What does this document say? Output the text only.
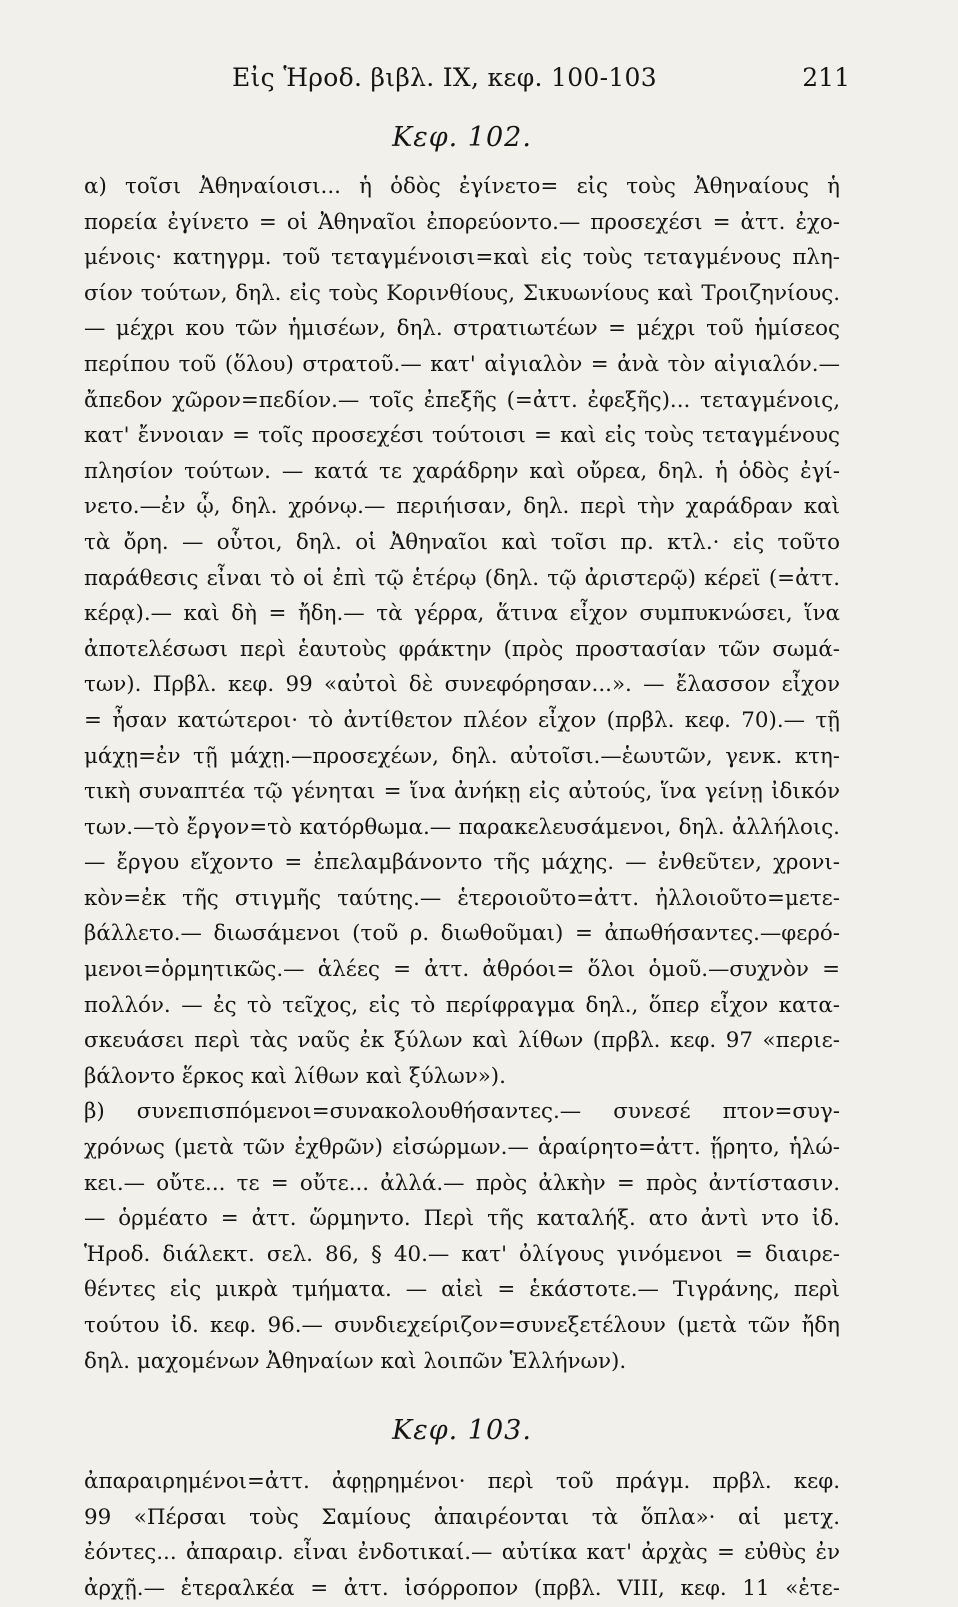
Εἰς Ἡροδ. βιβλ. IX, κεφ. 100-103	211
Κεφ. 102.
α) τοῖσι Ἀθηναίοισι... ἡ ὁδὸς ἐγίνετο= εἰς τοὺς Ἀθηναίους ἡ
πορεία ἐγίνετο = οἱ Ἀθηναῖοι ἐπορεύοντο.— προσεχέσι = ἀττ. ἐχο-
μένοις· κατηγρμ. τοῦ τεταγμένοισι=καὶ εἰς τοὺς τεταγμένους πλη-
σίον τούτων, δηλ. εἰς τοὺς Κορινθίους, Σικυωνίους καὶ Τροιζηνίους.
— μέχρι κου τῶν ἡμισέων, δηλ. στρατιωτέων = μέχρι τοῦ ἡμίσεος
περίπου τοῦ (ὅλου) στρατοῦ.— κατ' αἰγιαλὸν = ἀνὰ τὸν αἰγιαλόν.—
ἄπεδον χῶρον=πεδίον.— τοῖς ἐπεξῆς (=ἀττ. ἐφεξῆς)... τεταγμένοις,
κατ' ἔννοιαν = τοῖς προσεχέσι τούτοισι = καὶ εἰς τοὺς τεταγμένους
πλησίον τούτων. — κατά τε χαράδρην καὶ οὔρεα, δηλ. ἡ ὁδὸς ἐγί-
νετο.—ἐν ᾧ, δηλ. χρόνῳ.— περιήισαν, δηλ. περὶ τὴν χαράδραν καὶ
τὰ ὄρη. — οὗτοι, δηλ. οἱ Ἀθηναῖοι καὶ τοῖσι πρ. κτλ.· εἰς τοῦτο
παράθεσις εἶναι τὸ οἱ ἐπὶ τῷ ἑτέρῳ (δηλ. τῷ ἀριστερῷ) κέρεϊ (=ἀττ.
κέρᾳ).— καὶ δὴ = ἤδη.— τὰ γέρρα, ἅτινα εἶχον συμπυκνώσει, ἵνα
ἀποτελέσωσι περὶ ἑαυτοὺς φράκτην (πρὸς προστασίαν τῶν σωμά-
των). Πρβλ. κεφ. 99 «αὐτοὶ δὲ συνεφόρησαν...». — ἔλασσον εἶχον
= ἦσαν κατώτεροι· τὸ ἀντίθετον πλέον εἶχον (πρβλ. κεφ. 70).— τῇ
μάχῃ=ἐν τῇ μάχῃ.—προσεχέων, δηλ. αὐτοῖσι.—ἑωυτῶν, γενκ. κτη-
τικὴ συναπτέα τῷ γένηται = ἵνα ἀνήκῃ εἰς αὐτούς, ἵνα γείνῃ ἰδικόν
των.—τὸ ἔργον=τὸ κατόρθωμα.— παρακελευσάμενοι, δηλ. ἀλλήλοις.
— ἔργου εἴχοντο = ἐπελαμβάνοντο τῆς μάχης. — ἐνθεῦτεν, χρονι-
κὸν=ἐκ τῆς στιγμῆς ταύτης.— ἑτεροιοῦτο=ἀττ. ἠλλοιοῦτο=μετε-
βάλλετο.— διωσάμενοι (τοῦ ρ. διωθοῦμαι) = ἀπωθήσαντες.—φερό-
μενοι=ὁρμητικῶς.— ἁλέες = ἀττ. ἀθρόοι= ὅλοι ὁμοῦ.—συχνὸν =
πολλόν. — ἐς τὸ τεῖχος, εἰς τὸ περίφραγμα δηλ., ὅπερ εἶχον κατα-
σκευάσει περὶ τὰς ναῦς ἐκ ξύλων καὶ λίθων (πρβλ. κεφ. 97 «περιε-
βάλοντο ἕρκος καὶ λίθων καὶ ξύλων»).
β) συνεπισπόμενοι=συνακολουθήσαντες.— συνεσέ πτον=συγ-
χρόνως (μετὰ τῶν ἐχθρῶν) εἰσώρμων.— ἁραίρητο=ἀττ. ᾕρητο, ἡλώ-
κει.— οὔτε... τε = οὔτε... ἀλλά.— πρὸς ἀλκὴν = πρὸς ἀντίστασιν.
— ὁρμέατο = ἀττ. ὥρμηντο. Περὶ τῆς καταλήξ. ατο ἀντὶ ντο ἰδ.
Ἡροδ. διάλεκτ. σελ. 86, § 40.— κατ' ὀλίγους γινόμενοι = διαιρε-
θέντες εἰς μικρὰ τμήματα. — αἰεὶ = ἑκάστοτε.— Τιγράνης, περὶ
τούτου ἰδ. κεφ. 96.— συνδιεχείριζον=συνεξετέλουν (μετὰ τῶν ἤδη
δηλ. μαχομένων Ἀθηναίων καὶ λοιπῶν Ἑλλήνων).
Κεφ. 103.
ἀπαραιρημένοι=ἀττ. ἀφῃρημένοι· περὶ τοῦ πράγμ. πρβλ. κεφ.
99 «Πέρσαι τοὺς Σαμίους ἀπαιρέονται τὰ ὅπλα»· αἱ μετχ.
ἐόντες... ἀπαραιρ. εἶναι ἐνδοτικαί.— αὐτίκα κατ' ἀρχὰς = εὐθὺς ἐν
ἀρχῇ.— ἑτεραλκέα = ἀττ. ἰσόρροπον (πρβλ. VIII, κεφ. 11 «ἑτε-
